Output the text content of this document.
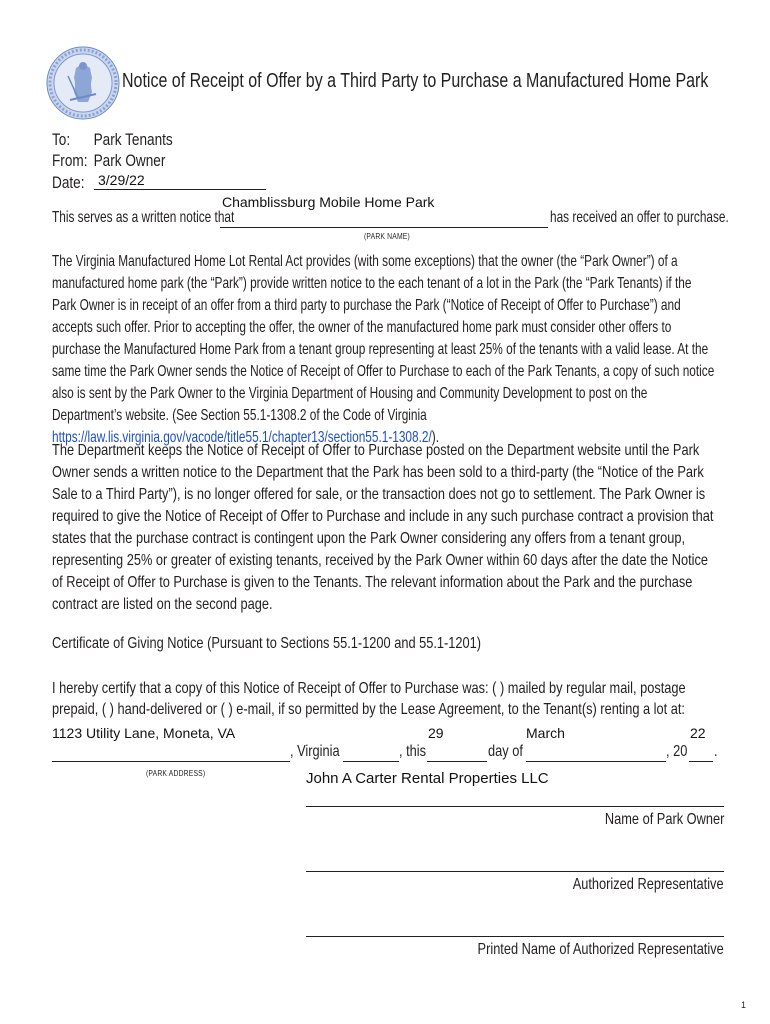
Notice of Receipt of Offer by a Third Party to Purchase a Manufactured Home Park
To: Park Tenants
From: Park Owner
Date: 3/29/22
Chamblissburg Mobile Home Park
This serves as a written notice that	has received an offer to purchase.
(PARK NAME)

The Virginia Manufactured Home Lot Rental Act provides (with some exceptions) that the owner (the “Park Owner”) of a manufactured home park (the “Park”) provide written notice to the each tenant of a lot in the Park (the “Park Tenants) if the Park Owner is in receipt of an offer from a third party to purchase the Park (“Notice of Receipt of Offer to Purchase”) and accepts such offer. Prior to accepting the offer, the owner of the manufactured home park must consider other offers to purchase the Manufactured Home Park from a tenant group representing at least 25% of the tenants with a valid lease. At the same time the Park Owner sends the Notice of Receipt of Offer to Purchase to each of the Park Tenants, a copy of such notice also is sent by the Park Owner to the Virginia Department of Housing and Community Development to post on the Department’s website. (See Section 55.1-1308.2 of the Code of Virginia
https://law.lis.virginia.gov/vacode/title55.1/chapter13/section55.1-1308.2/).

The Department keeps the Notice of Receipt of Offer to Purchase posted on the Department website until the Park Owner sends a written notice to the Department that the Park has been sold to a third-party (the “Notice of the Park Sale to a Third Party”), is no longer offered for sale, or the transaction does not go to settlement. The Park Owner is required to give the Notice of Receipt of Offer to Purchase and include in any such purchase contract a provision that states that the purchase contract is contingent upon the Park Owner considering any offers from a tenant group, representing 25% or greater of existing tenants, received by the Park Owner within 60 days after the date the Notice of Receipt of Offer to Purchase is given to the Tenants. The relevant information about the Park and the purchase contract are listed on the second page.

Certificate of Giving Notice (Pursuant to Sections 55.1-1200 and 55.1-1201)
I hereby certify that a copy of this Notice of Receipt of Offer to Purchase was: ( ) mailed by regular mail, postage
prepaid, ( ) hand-delivered or ( ) e-mail, if so permitted by the Lease Agreement, to the Tenant(s) renting a lot at:
1123 Utility Lane, Moneta, VA	29	March	22
, Virginia	, this	day of	, 20 .
(PARK ADDRESS)	John A Carter Rental Properties LLC
Name of Park Owner
Authorized Representative
Printed Name of Authorized Representative
1
